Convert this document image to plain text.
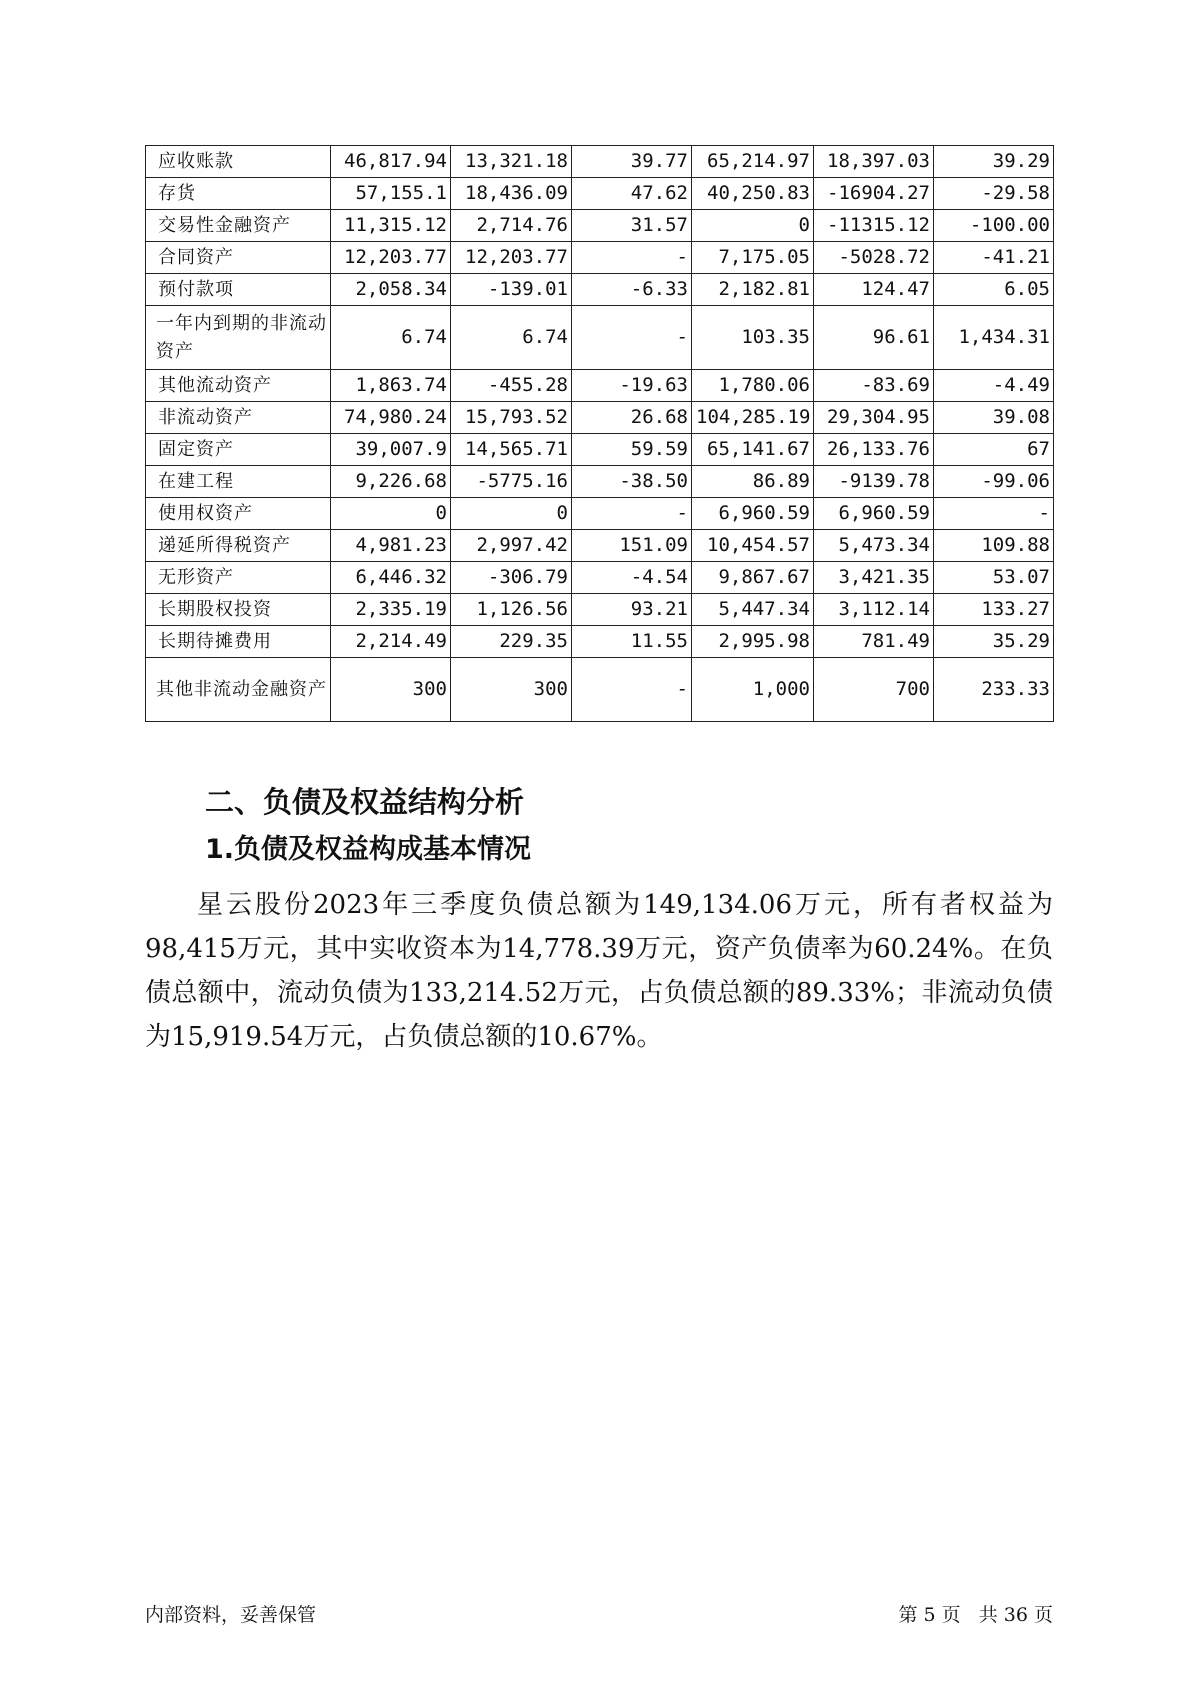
应收账款	46,817.94	13,321.18	39.77	65,214.97	18,397.03	39.29
存货	57,155.1	18,436.09	47.62	40,250.83	-16904.27	-29.58
交易性金融资产	11,315.12	2,714.76	31.57	0	-11315.12	-100.00
合同资产	12,203.77	12,203.77	-	7,175.05	-5028.72	-41.21
预付款项	2,058.34	-139.01	-6.33	2,182.81	124.47	6.05
一年内到期的非流动资产	6.74	6.74	-	103.35	96.61	1,434.31
其他流动资产	1,863.74	-455.28	-19.63	1,780.06	-83.69	-4.49
非流动资产	74,980.24	15,793.52	26.68	104,285.19	29,304.95	39.08
固定资产	39,007.9	14,565.71	59.59	65,141.67	26,133.76	67
在建工程	9,226.68	-5775.16	-38.50	86.89	-9139.78	-99.06
使用权资产	0	0	-	6,960.59	6,960.59	-
递延所得税资产	4,981.23	2,997.42	151.09	10,454.57	5,473.34	109.88
无形资产	6,446.32	-306.79	-4.54	9,867.67	3,421.35	53.07
长期股权投资	2,335.19	1,126.56	93.21	5,447.34	3,112.14	133.27
长期待摊费用	2,214.49	229.35	11.55	2,995.98	781.49	35.29
其他非流动金融资产	300	300	-	1,000	700	233.33
二、负债及权益结构分析
1.负债及权益构成基本情况

星云股份2023年三季度负债总额为149,134.06万元，所有者权益为98,415万元，其中实收资本为14,778.39万元，资产负债率为60.24%。在负债总额中，流动负债为133,214.52万元，占负债总额的89.33%；非流动负债为15,919.54万元，占负债总额的10.67%。

内部资料，妥善保管	第 5 页   共 36 页
